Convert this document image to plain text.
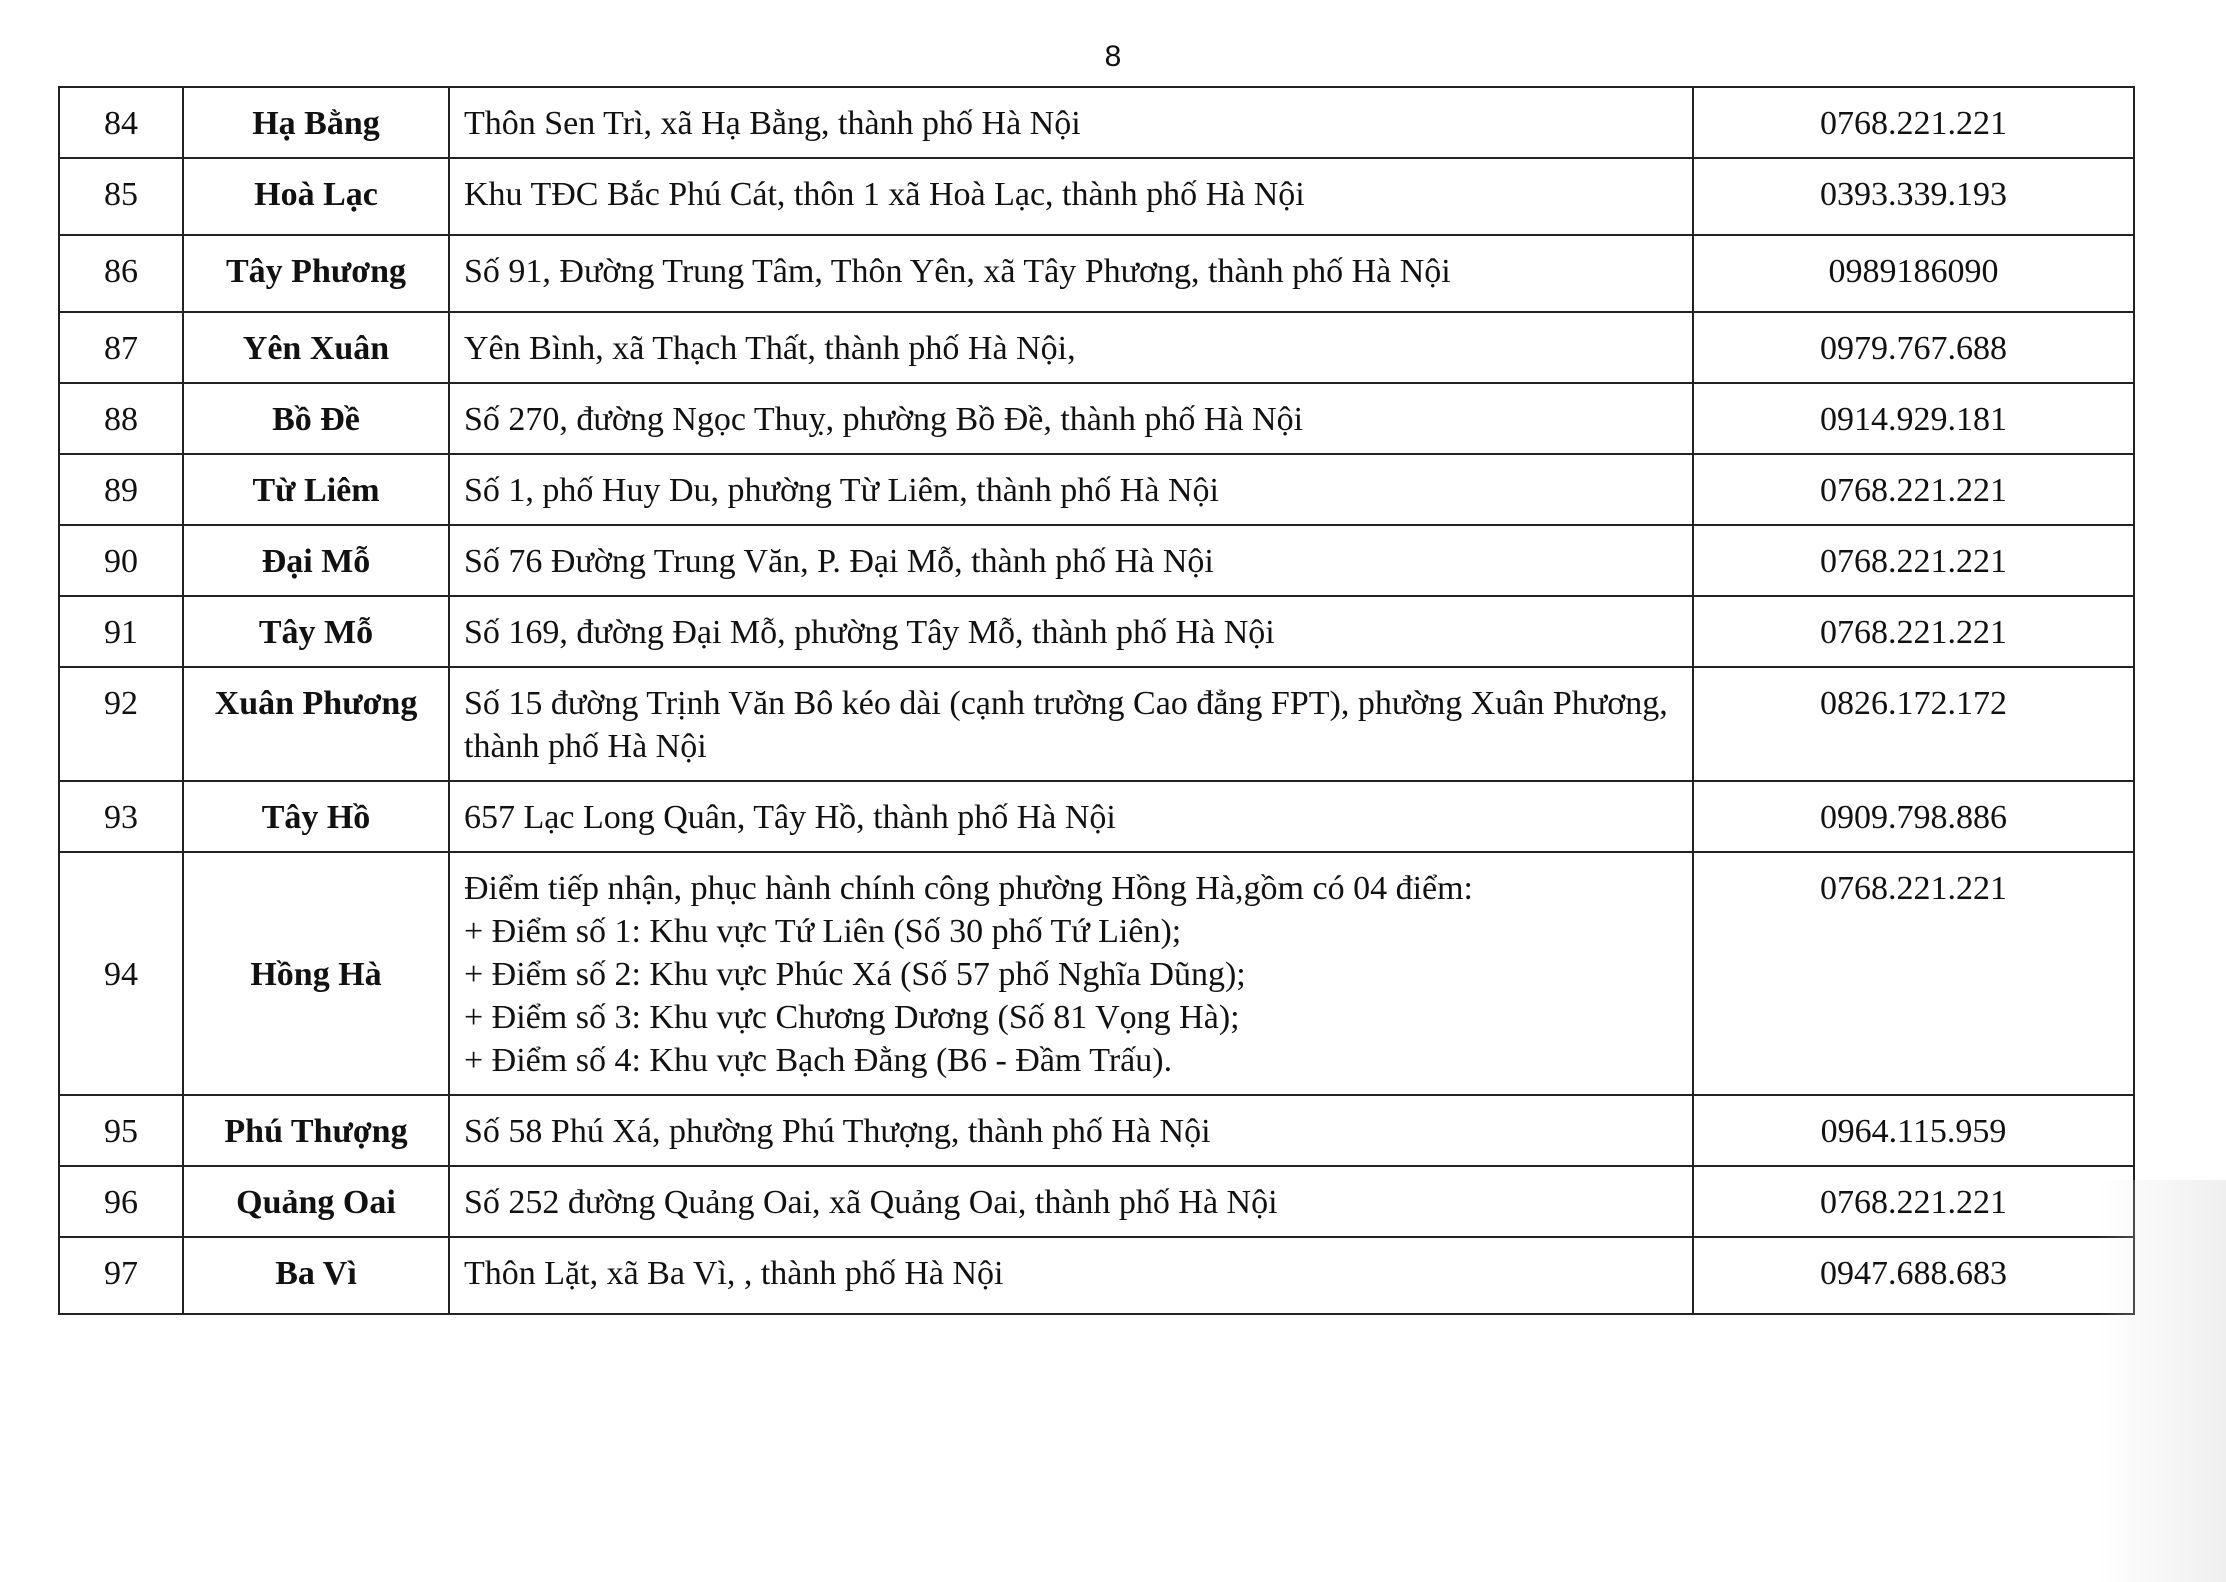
8
84	Hạ Bằng	Thôn Sen Trì, xã Hạ Bằng, thành phố Hà Nội	0768.221.221
85	Hoà Lạc	Khu TĐC Bắc Phú Cát, thôn 1 xã Hoà Lạc, thành phố Hà Nội	0393.339.193
86	Tây Phương	Số 91, Đường Trung Tâm, Thôn Yên, xã Tây Phương, thành phố Hà Nội	0989186090
87	Yên Xuân	Yên Bình, xã Thạch Thất, thành phố Hà Nội,	0979.767.688
88	Bồ Đề	Số 270, đường Ngọc Thuỵ, phường Bồ Đề, thành phố Hà Nội	0914.929.181
89	Từ Liêm	Số 1, phố Huy Du, phường Từ Liêm, thành phố Hà Nội	0768.221.221
90	Đại Mỗ	Số 76 Đường Trung Văn, P. Đại Mỗ, thành phố Hà Nội	0768.221.221
91	Tây Mỗ	Số 169, đường Đại Mỗ, phường Tây Mỗ, thành phố Hà Nội	0768.221.221
92	Xuân Phương	Số 15 đường Trịnh Văn Bô kéo dài (cạnh trường Cao đẳng FPT), phường Xuân Phương, thành phố Hà Nội	0826.172.172
93	Tây Hồ	657 Lạc Long Quân, Tây Hồ, thành phố Hà Nội	0909.798.886
94	Hồng Hà	Điểm tiếp nhận, phục hành chính công phường Hồng Hà,gồm có 04 điểm:
+ Điểm số 1: Khu vực Tứ Liên (Số 30 phố Tứ Liên);
+ Điểm số 2: Khu vực Phúc Xá (Số 57 phố Nghĩa Dũng);
+ Điểm số 3: Khu vực Chương Dương (Số 81 Vọng Hà);
+ Điểm số 4: Khu vực Bạch Đằng (B6 - Đầm Trấu).	0768.221.221
95	Phú Thượng	Số 58 Phú Xá, phường Phú Thượng, thành phố Hà Nội	0964.115.959
96	Quảng Oai	Số 252 đường Quảng Oai, xã Quảng Oai, thành phố Hà Nội	0768.221.221
97	Ba Vì	Thôn Lặt, xã Ba Vì, , thành phố Hà Nội	0947.688.683
